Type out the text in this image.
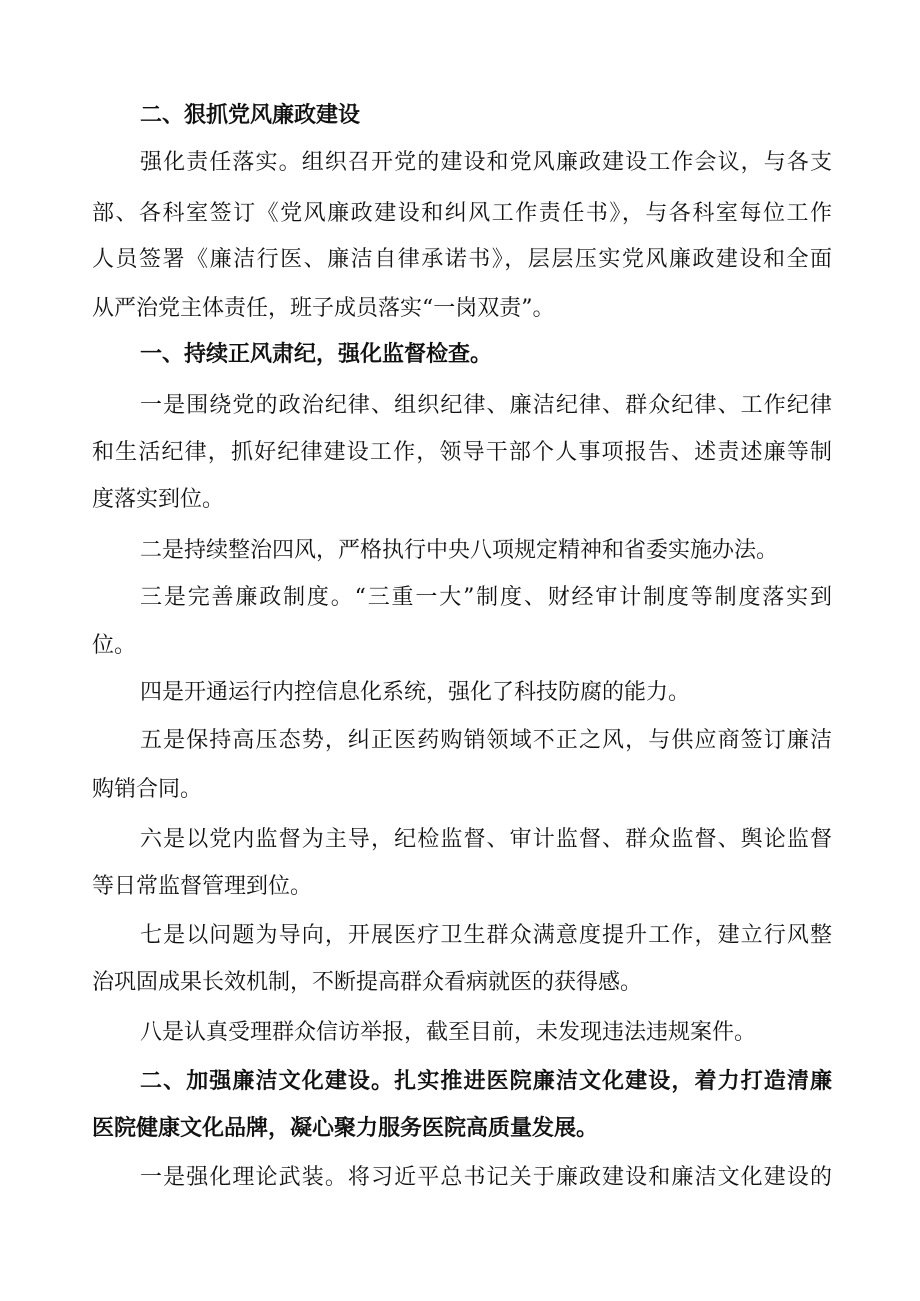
二、狠抓党风廉政建设
强化责任落实。组织召开党的建设和党风廉政建设工作会议，与各支
部、各科室签订《党风廉政建设和纠风工作责任书》，与各科室每位工作
人员签署《廉洁行医、廉洁自律承诺书》，层层压实党风廉政建设和全面
从严治党主体责任，班子成员落实“一岗双责”。
一、持续正风肃纪，强化监督检查。
一是围绕党的政治纪律、组织纪律、廉洁纪律、群众纪律、工作纪律
和生活纪律，抓好纪律建设工作，领导干部个人事项报告、述责述廉等制
度落实到位。
二是持续整治四风，严格执行中央八项规定精神和省委实施办法。
三是完善廉政制度。“三重一大”制度、财经审计制度等制度落实到
位。
四是开通运行内控信息化系统，强化了科技防腐的能力。
五是保持高压态势，纠正医药购销领域不正之风，与供应商签订廉洁
购销合同。
六是以党内监督为主导，纪检监督、审计监督、群众监督、舆论监督
等日常监督管理到位。
七是以问题为导向，开展医疗卫生群众满意度提升工作，建立行风整
治巩固成果长效机制，不断提高群众看病就医的获得感。
八是认真受理群众信访举报，截至目前，未发现违法违规案件。
二、加强廉洁文化建设。扎实推进医院廉洁文化建设，着力打造清廉
医院健康文化品牌，凝心聚力服务医院高质量发展。
一是强化理论武装。将习近平总书记关于廉政建设和廉洁文化建设的
